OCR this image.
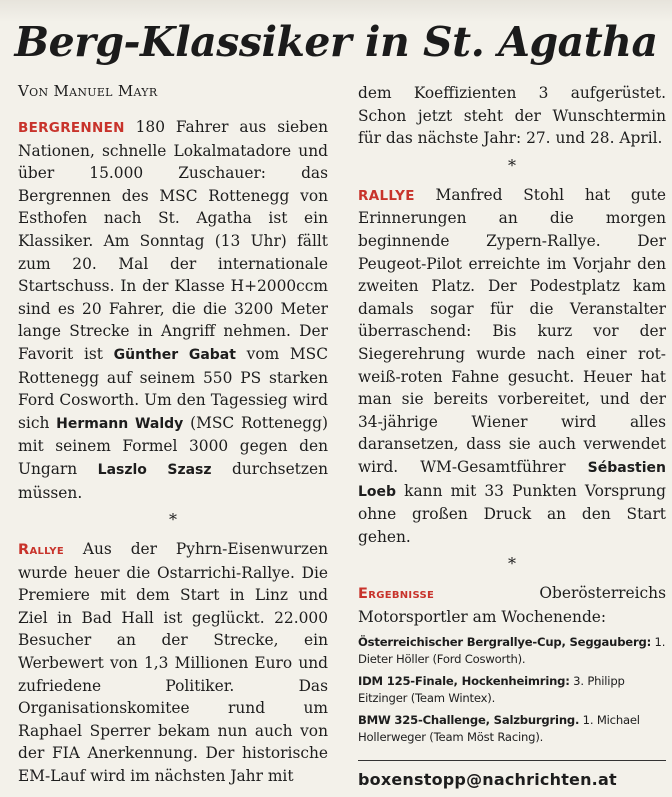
Berg-Klassiker in St. Agatha
Von Manuel Mayr

BERGRENNEN 180 Fahrer aus sieben Nationen, schnelle Lokalmatadore und über 15.000 Zuschauer: das Bergrennen des MSC Rottenegg von Esthofen nach St. Agatha ist ein Klassiker. Am Sonntag (13 Uhr) fällt zum 20. Mal der internationale Startschuss. In der Klasse H+2000ccm sind es 20 Fahrer, die die 3200 Meter lange Strecke in Angriff nehmen. Der Favorit ist Günther Gabat vom MSC Rottenegg auf seinem 550 PS starken Ford Cosworth. Um den Tagessieg wird sich Hermann Waldy (MSC Rottenegg) mit seinem Formel 3000 gegen den Ungarn Laszlo Szasz durchsetzen müssen.

*

Rallye Aus der Pyhrn-Eisenwurzen wurde heuer die Ostarrichi-Rallye. Die Premiere mit dem Start in Linz und Ziel in Bad Hall ist geglückt. 22.000 Besucher an der Strecke, ein Werbewert von 1,3 Millionen Euro und zufriedene Politiker. Das Organisationskomitee rund um Raphael Sperrer bekam nun auch von der FIA Anerkennung. Der historische EM-Lauf wird im nächsten Jahr mit

dem Koeffizienten 3 aufgerüstet. Schon jetzt steht der Wunschtermin für das nächste Jahr: 27. und 28. April.

*

RALLYE Manfred Stohl hat gute Erinnerungen an die morgen beginnende Zypern-Rallye. Der Peugeot-Pilot erreichte im Vorjahr den zweiten Platz. Der Podestplatz kam damals sogar für die Veranstalter überraschend: Bis kurz vor der Siegerehrung wurde nach einer rot-weiß-roten Fahne gesucht. Heuer hat man sie bereits vorbereitet, und der 34-jährige Wiener wird alles daransetzen, dass sie auch verwendet wird. WM-Gesamtführer Sébastien Loeb kann mit 33 Punkten Vorsprung ohne großen Druck an den Start gehen.

*

Ergebnisse Oberösterreichs Motorsportler am Wochenende:

Österreichischer Bergrallye-Cup, Seggauberg: 1. Dieter Höller (Ford Cosworth).
IDM 125-Finale, Hockenheimring: 3. Philipp Eitzinger (Team Wintex).
BMW 325-Challenge, Salzburgring. 1. Michael Hollerweger (Team Möst Racing).
boxenstopp@nachrichten.at
